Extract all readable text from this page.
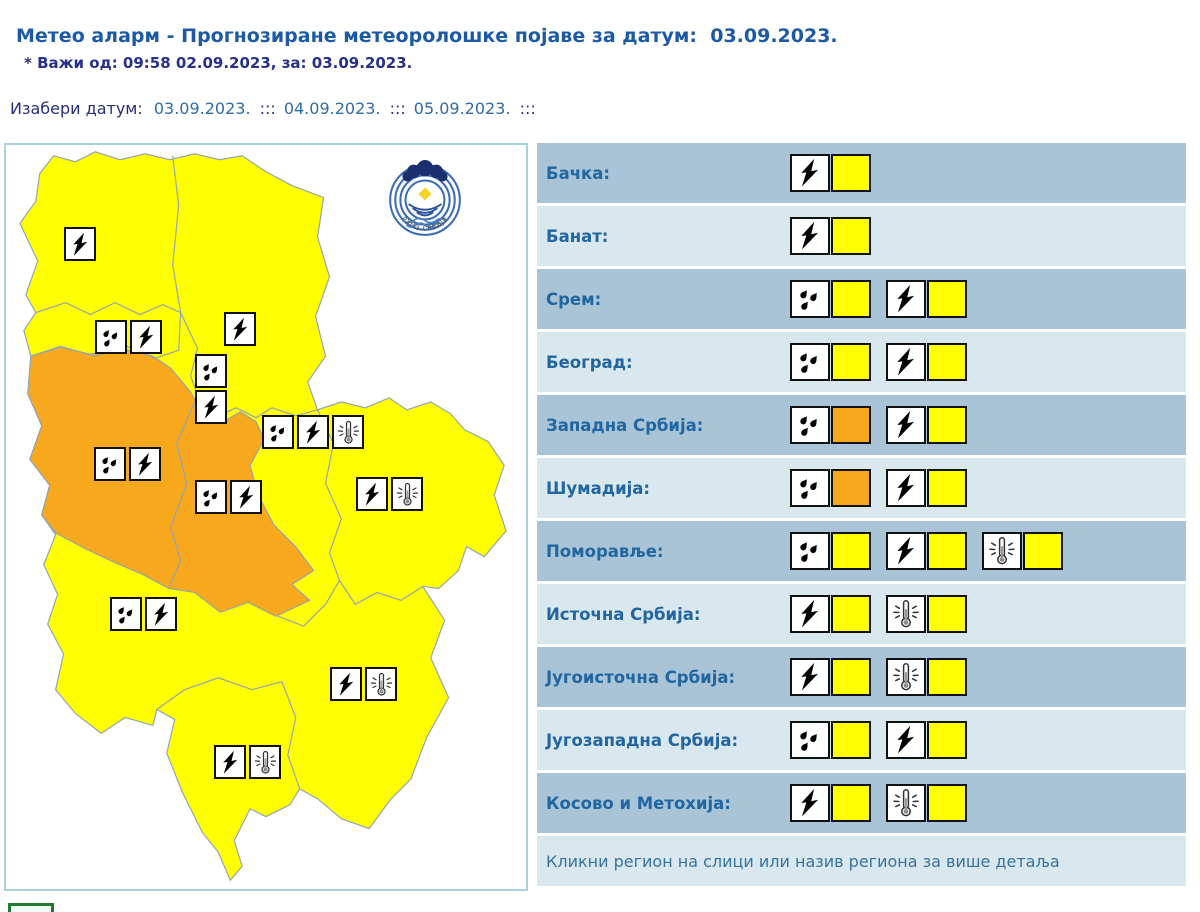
Метео аларм - Прогнозиране метеоролошке појаве за датум:  03.09.2023.
* Важи од: 09:58 02.09.2023, за: 03.09.2023.
Изабери датум: 03.09.2023. ::: 04.09.2023. ::: 05.09.2023. :::
РХМЗ СРБИЈЕ
Бачка:
Банат:
Срем:
Београд:
Западна Србија:
Шумадија:
Поморавље:
Источна Србија:
Југоисточна Србија:
Југозападна Србија:
Косово и Метохија:
Кликни регион на слици или назив региона за више детаља
